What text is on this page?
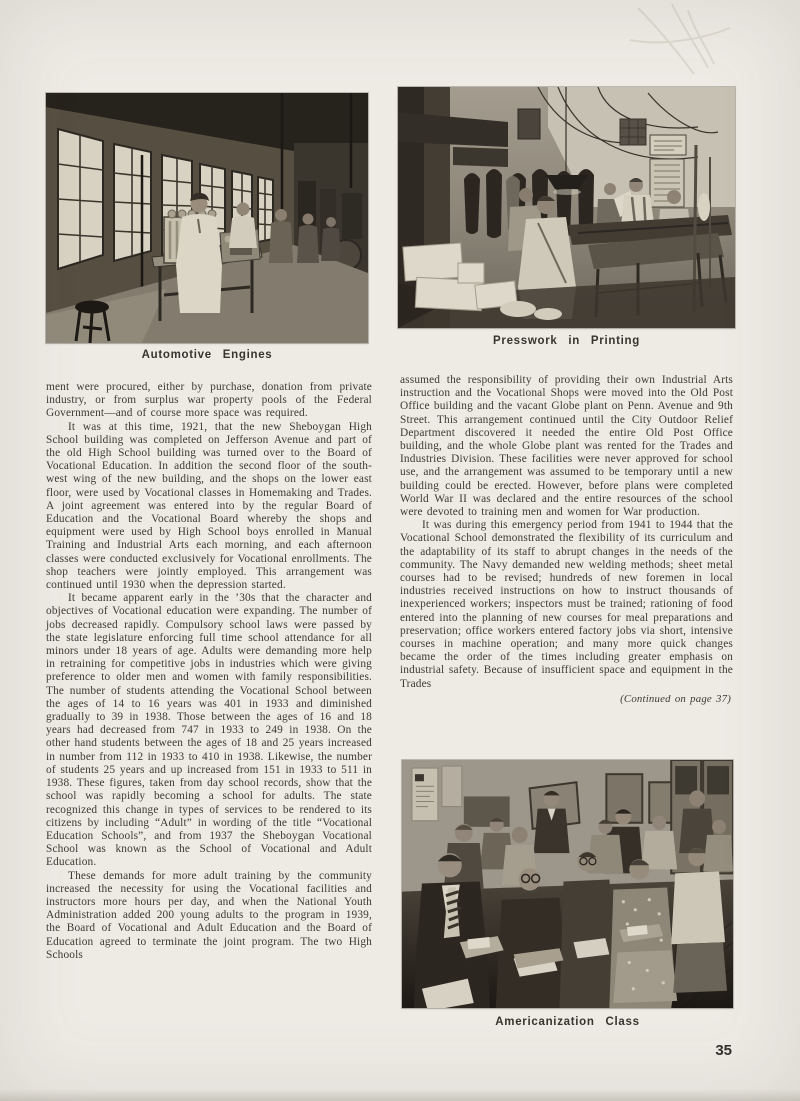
Automotive Engines
Presswork in Printing
Americanization Class

ment were procured, either by purchase, donation from private industry, or from surplus war property pools of the Federal Government—and of course more space was required.

It was at this time, 1921, that the new Sheboygan High School building was completed on Jefferson Avenue and part of the old High School building was turned over to the Board of Vocational Education. In addition the second floor of the south-west wing of the new building, and the shops on the lower east floor, were used by Vocational classes in Homemaking and Trades. A joint agreement was entered into by the regular Board of Education and the Vocational Board whereby the shops and equipment were used by High School boys enrolled in Manual Training and Industrial Arts each morning, and each afternoon classes were conducted exclusively for Vocational enrollments. The shop teachers were jointly employed. This arrangement was continued until 1930 when the depression started.

It became apparent early in the ’30s that the character and objectives of Vocational education were expanding. The number of jobs decreased rapidly. Compulsory school laws were passed by the state legislature enforcing full time school attendance for all minors under 18 years of age. Adults were demanding more help in retraining for competitive jobs in industries which were giving preference to older men and women with family responsibilities. The number of students attending the Vocational School between the ages of 14 to 16 years was 401 in 1933 and diminished gradually to 39 in 1938. Those between the ages of 16 and 18 years had decreased from 747 in 1933 to 249 in 1938. On the other hand students between the ages of 18 and 25 years increased in number from 112 in 1933 to 410 in 1938. Likewise, the number of students 25 years and up increased from 151 in 1933 to 511 in 1938. These figures, taken from day school records, show that the school was rapidly becoming a school for adults. The state recognized this change in types of services to be rendered to its citizens by including “Adult” in wording of the title “Vocational Education Schools”, and from 1937 the Sheboygan Vocational School was known as the School of Vocational and Adult Education.

These demands for more adult training by the community increased the necessity for using the Vocational facilities and instructors more hours per day, and when the National Youth Administration added 200 young adults to the program in 1939, the Board of Vocational and Adult Education and the Board of Education agreed to terminate the joint program. The two High Schools

assumed the responsibility of providing their own Industrial Arts instruction and the Vocational Shops were moved into the Old Post Office building and the vacant Globe plant on Penn. Avenue and 9th Street. This arrangement continued until the City Outdoor Relief Department discovered it needed the entire Old Post Office building, and the whole Globe plant was rented for the Trades and Industries Division. These facilities were never approved for school use, and the arrangement was assumed to be temporary until a new building could be erected. However, before plans were completed World War II was declared and the entire resources of the school were devoted to training men and women for War production.

It was during this emergency period from 1941 to 1944 that the Vocational School demonstrated the flexibility of its curriculum and the adaptability of its staff to abrupt changes in the needs of the community. The Navy demanded new welding methods; sheet metal courses had to be revised; hundreds of new foremen in local industries received instructions on how to instruct thousands of inexperienced workers; inspectors must be trained; rationing of food entered into the planning of new courses for meal preparations and preservation; office workers entered factory jobs via short, intensive courses in machine operation; and many more quick changes became the order of the times including greater emphasis on industrial safety. Because of insufficient space and equipment in the Trades

(Continued on page 37)
35
